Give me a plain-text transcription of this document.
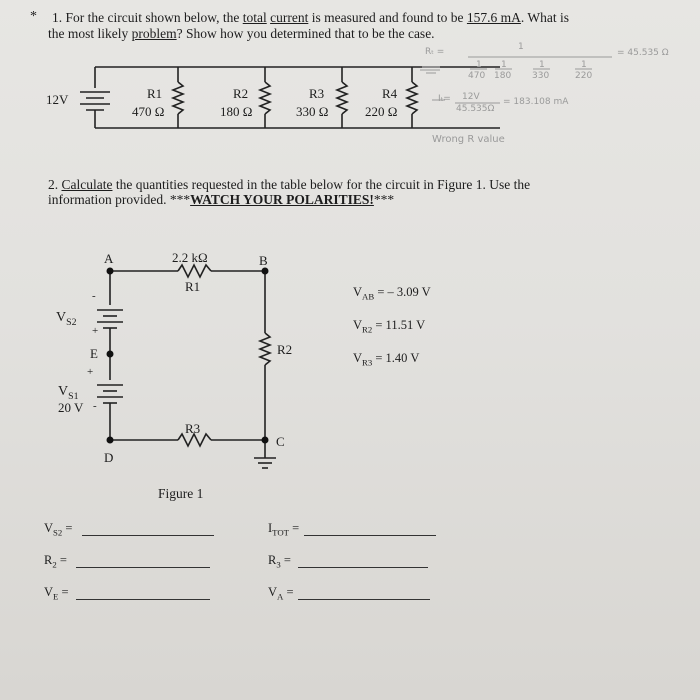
* 1. For the circuit shown below, the total current is measured and found to be 157.6 mA. What is
the most likely problem? Show how you determined that to be the case.
12V	R1
470 Ω
R2
180 Ω
R3
330 Ω
R4
220 Ω
Rₜ =	1
1 1	1	1
470 180 330	220
= 45.535 Ω
Iₜ= 12V
45.535Ω
= 183.108 mA
Wrong R value
2. Calculate the quantities requested in the table below for the circuit in Figure 1. Use the
information provided. ***WATCH YOUR POLARITIES!***
A	B
2.2 kΩ
R1
-
$V_{S2}$
+
E
+
$V_{S1}$
20 V -
R2
R3
C
D
Figure 1
$V_{AB}$ = – 3.09 V
$V_{R2} = 11.51$ V
$V_{R3} = 1.40$ V
$V_{S2}$ =	$I_{TOT}$ =
$R_2$ =	$R_3$ =
$V_E$ =	$V_A$ =
